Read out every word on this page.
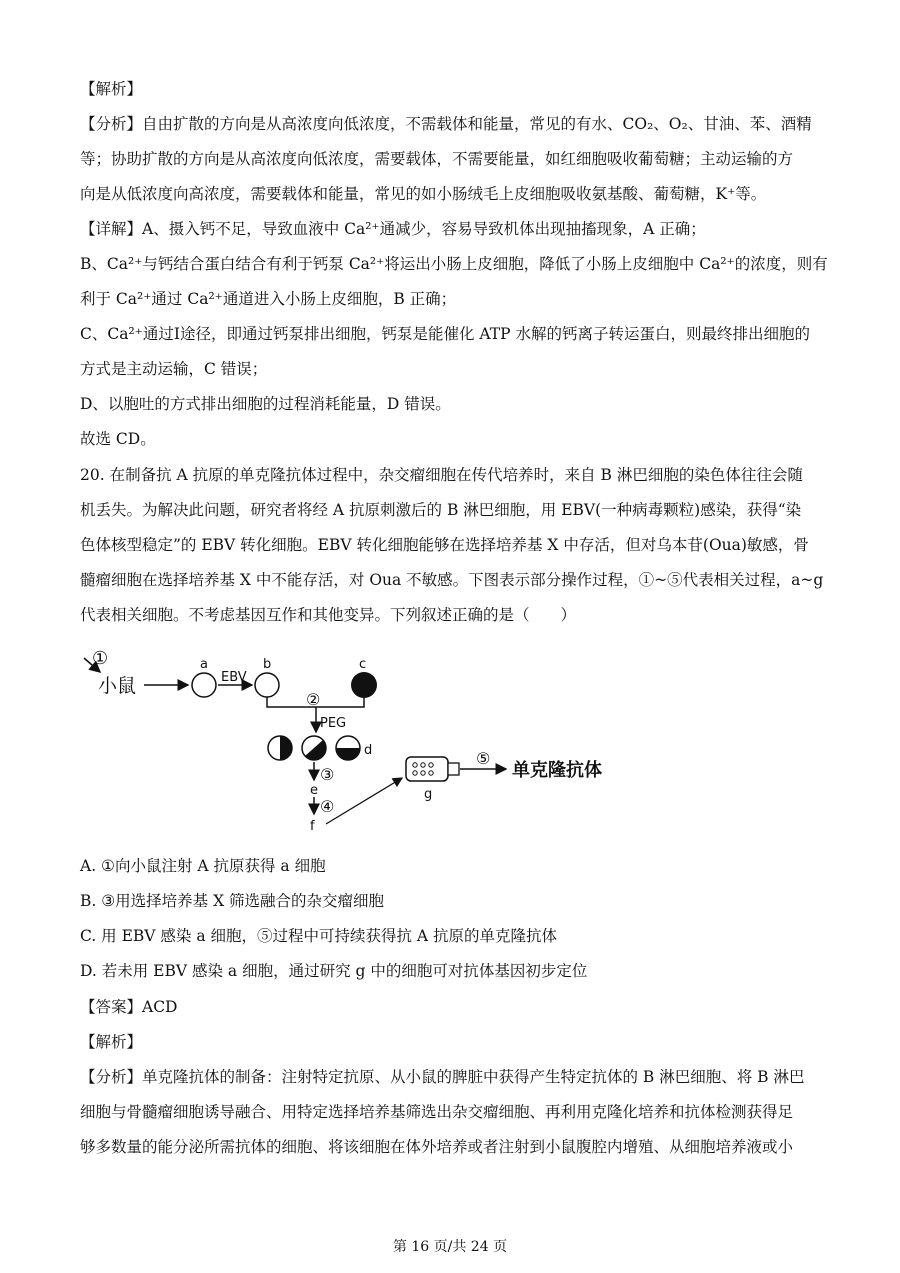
【解析】
【分析】自由扩散的方向是从高浓度向低浓度，不需载体和能量，常见的有水、CO₂、O₂、甘油、苯、酒精
等；协助扩散的方向是从高浓度向低浓度，需要载体，不需要能量，如红细胞吸收葡萄糖；主动运输的方
向是从低浓度向高浓度，需要载体和能量，常见的如小肠绒毛上皮细胞吸收氨基酸、葡萄糖，K⁺等。
【详解】A、摄入钙不足，导致血液中 Ca²⁺通减少，容易导致机体出现抽搐现象，A 正确；
B、Ca²⁺与钙结合蛋白结合有利于钙泵 Ca²⁺将运出小肠上皮细胞，降低了小肠上皮细胞中 Ca²⁺的浓度，则有
利于 Ca²⁺通过 Ca²⁺通道进入小肠上皮细胞，B 正确；
C、Ca²⁺通过Ⅰ途径，即通过钙泵排出细胞，钙泵是能催化 ATP 水解的钙离子转运蛋白，则最终排出细胞的
方式是主动运输，C 错误；
D、以胞吐的方式排出细胞的过程消耗能量，D 错误。
故选 CD。
20. 在制备抗 A 抗原的单克隆抗体过程中，杂交瘤细胞在传代培养时，来自 B 淋巴细胞的染色体往往会随
机丢失。为解决此问题，研究者将经 A 抗原刺激后的 B 淋巴细胞，用 EBV(一种病毒颗粒)感染，获得“染
色体核型稳定”的 EBV 转化细胞。EBV 转化细胞能够在选择培养基 X 中存活，但对乌本苷(Oua)敏感，骨
髓瘤细胞在选择培养基 X 中不能存活，对 Oua 不敏感。下图表示部分操作过程，①~⑤代表相关过程，a~g
代表相关细胞。不考虑基因互作和其他变异。下列叙述正确的是（　　）
①
小鼠
a
EBV
b	c
②
PEG
d
③
e
④
f
g
⑤
单克隆抗体
A. ①向小鼠注射 A 抗原获得 a 细胞
B. ③用选择培养基 X 筛选融合的杂交瘤细胞
C. 用 EBV 感染 a 细胞，⑤过程中可持续获得抗 A 抗原的单克隆抗体
D. 若未用 EBV 感染 a 细胞，通过研究 g 中的细胞可对抗体基因初步定位
【答案】ACD
【解析】
【分析】单克隆抗体的制备：注射特定抗原、从小鼠的脾脏中获得产生特定抗体的 B 淋巴细胞、将 B 淋巴
细胞与骨髓瘤细胞诱导融合、用特定选择培养基筛选出杂交瘤细胞、再利用克隆化培养和抗体检测获得足
够多数量的能分泌所需抗体的细胞、将该细胞在体外培养或者注射到小鼠腹腔内增殖、从细胞培养液或小
第 16 页/共 24 页
